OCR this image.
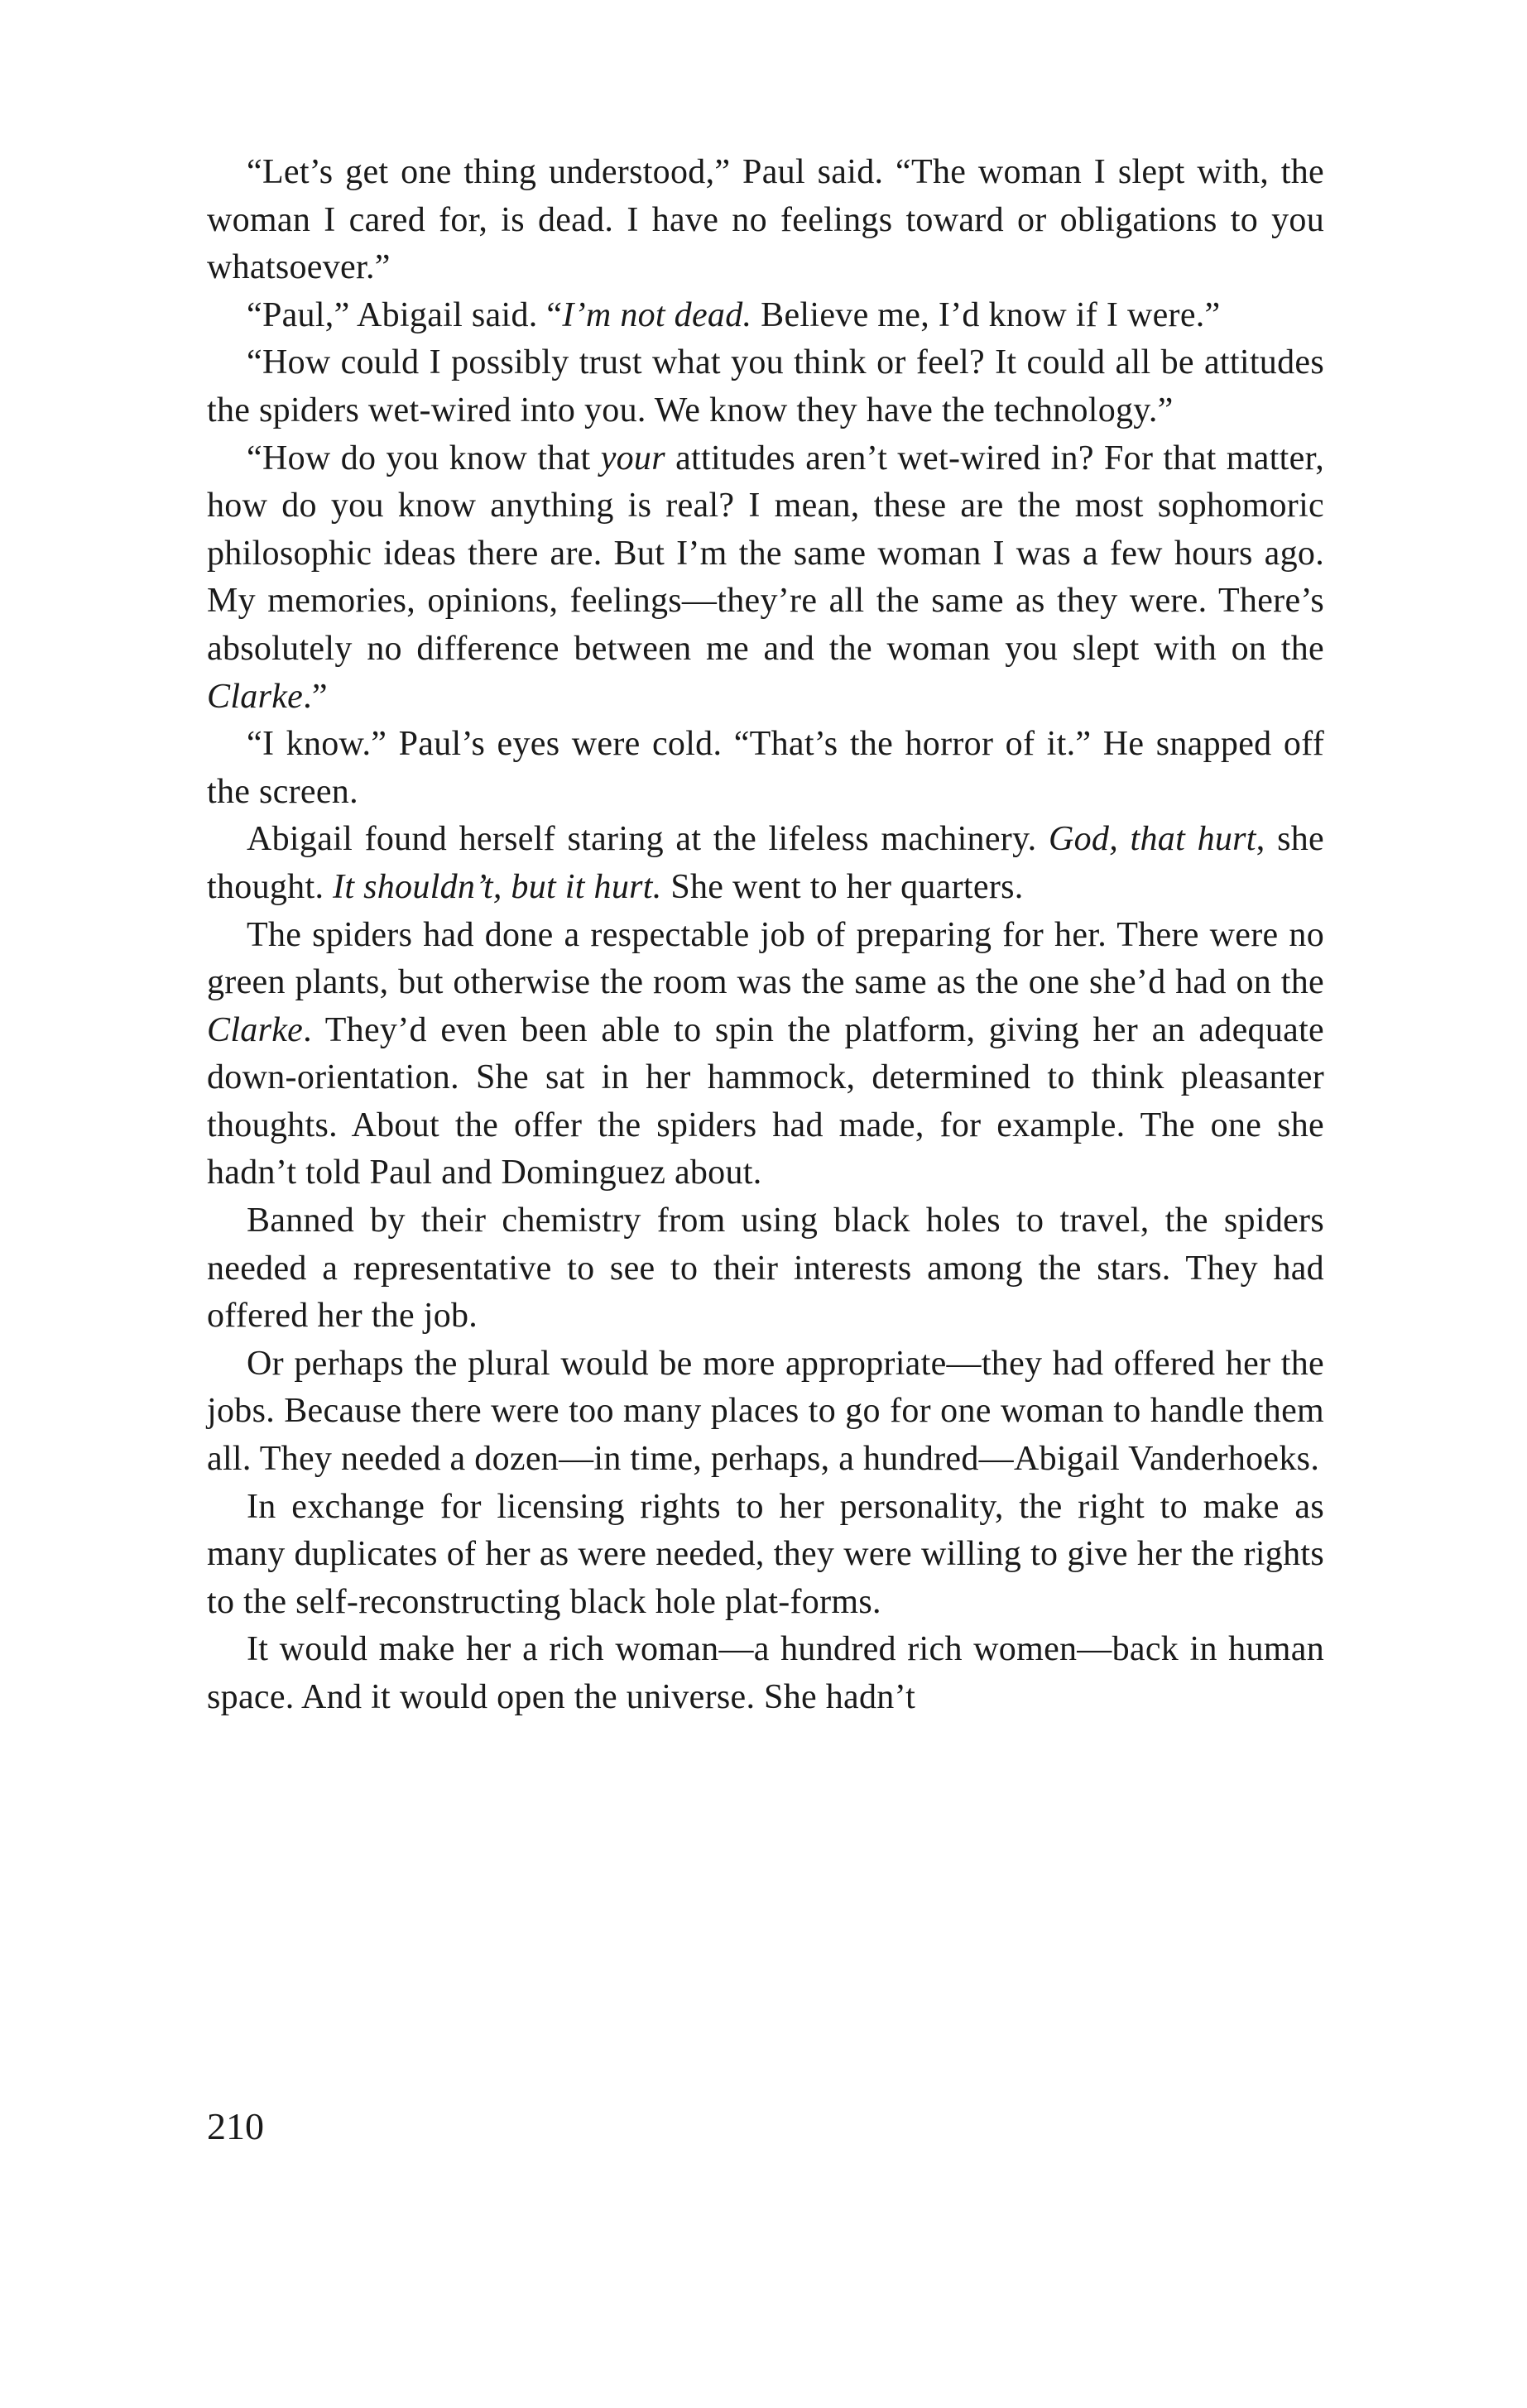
“Let’s get one thing understood,” Paul said. “The woman I slept with, the woman I cared for, is dead. I have no feelings toward or obligations to you whatsoever.”

“Paul,” Abigail said. “I’m not dead. Believe me, I’d know if I were.”

“How could I possibly trust what you think or feel? It could all be attitudes the spiders wet-wired into you. We know they have the technology.”

“How do you know that your attitudes aren’t wet-wired in? For that matter, how do you know anything is real? I mean, these are the most sophomoric philosophic ideas there are. But I’m the same woman I was a few hours ago. My memories, opinions, feelings—they’re all the same as they were. There’s absolutely no difference between me and the woman you slept with on the Clarke.”

“I know.” Paul’s eyes were cold. “That’s the horror of it.” He snapped off the screen.

Abigail found herself staring at the lifeless machinery. God, that hurt, she thought. It shouldn’t, but it hurt. She went to her quarters.

The spiders had done a respectable job of preparing for her. There were no green plants, but otherwise the room was the same as the one she’d had on the Clarke. They’d even been able to spin the platform, giving her an adequate down-orientation. She sat in her hammock, determined to think pleasanter thoughts. About the offer the spiders had made, for example. The one she hadn’t told Paul and Dominguez about.

Banned by their chemistry from using black holes to travel, the spiders needed a representative to see to their interests among the stars. They had offered her the job.

Or perhaps the plural would be more appropriate—they had offered her the jobs. Because there were too many places to go for one woman to handle them all. They needed a dozen—in time, perhaps, a hundred—Abigail Vanderhoeks.

In exchange for licensing rights to her personality, the right to make as many duplicates of her as were needed, they were willing to give her the rights to the self-reconstructing black hole plat-forms.

It would make her a rich woman—a hundred rich women—back in human space. And it would open the universe. She hadn’t

210
